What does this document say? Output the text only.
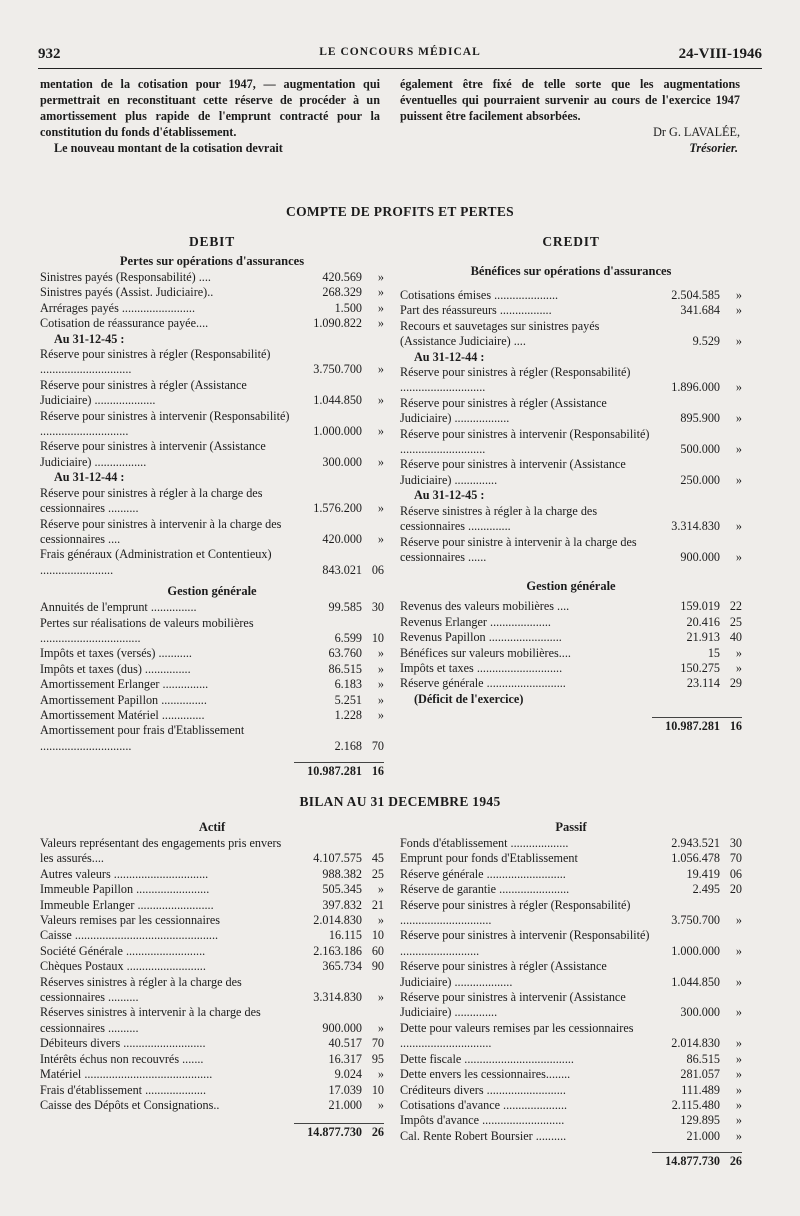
932	LE CONCOURS MÉDICAL	24-VIII-1946

mentation de la cotisation pour 1947, — augmentation qui permettrait en reconstituant cette réserve de procéder à un amortissement plus rapide de l'emprunt contracté pour la constitution du fonds d'établissement.

Le nouveau montant de la cotisation devrait

également être fixé de telle sorte que les augmentations éventuelles qui pourraient survenir au cours de l'exercice 1947 puissent être facilement absorbées.

Dr G. LAVALÉE,

Trésorier.

COMPTE DE PROFITS ET PERTES
DEBIT
Pertes sur opérations d'assurances
Sinistres payés (Responsabilité) ....	420.569	»
Sinistres payés (Assist. Judiciaire)..	268.329	»
Arrérages payés ........................	1.500	»
Cotisation de réassurance payée....	1.090.822	»
Au 31-12-45 :
Réserve pour sinistres à régler (Responsabilité) ..............................	3.750.700	»
Réserve pour sinistres à régler (Assistance Judiciaire) ....................	1.044.850	»
Réserve pour sinistres à intervenir (Responsabilité) .............................	1.000.000	»
Réserve pour sinistres à intervenir (Assistance Judiciaire) .................	300.000	»
Au 31-12-44 :
Réserve pour sinistres à régler à la charge des cessionnaires ..........	1.576.200	»
Réserve pour sinistres à intervenir à la charge des cessionnaires ....	420.000	»
Frais généraux (Administration et Contentieux) ........................	843.021 06
Gestion générale
Annuités de l'emprunt ...............	99.585 30
Pertes sur réalisations de valeurs mobilières .................................	6.599 10
Impôts et taxes (versés) ...........	63.760	»
Impôts et taxes (dus) ...............	86.515	»
Amortissement Erlanger ...............	6.183	»
Amortissement Papillon ...............	5.251	»
Amortissement Matériel ..............	1.228	»
Amortissement pour frais d'Etablissement ..............................	2.168 70
10.987.281 16
CREDIT
Bénéfices sur opérations d'assurances
Cotisations émises .....................	2.504.585	»
Part des réassureurs .................	341.684	»
Recours et sauvetages sur sinistres payés (Assistance Judiciaire) ....	9.529	»
Au 31-12-44 :
Réserve pour sinistres à régler (Responsabilité) ............................	1.896.000	»
Réserve pour sinistres à régler (Assistance Judiciaire) ..................	895.900	»
Réserve pour sinistres à intervenir (Responsabilité) ............................	500.000	»
Réserve pour sinistres à intervenir (Assistance Judiciaire) ..............	250.000	»
Au 31-12-45 :
Réserve sinistres à régler à la charge des cessionnaires ..............	3.314.830	»
Réserve pour sinistre à intervenir à la charge des cessionnaires ......	900.000	»
Gestion générale
Revenus des valeurs mobilières ....	159.019 22
Revenus Erlanger ....................	20.416 25
Revenus Papillon ........................	21.913 40
Bénéfices sur valeurs mobilières....	15	»
Impôts et taxes ............................	150.275	»
Réserve générale ..........................	23.114 29
(Déficit de l'exercice)
10.987.281 16
BILAN AU 31 DECEMBRE 1945
Actif
Valeurs représentant des engagements pris envers les assurés....	4.107.575 45
Autres valeurs ...............................	988.382 25
Immeuble Papillon ........................	505.345	»
Immeuble Erlanger .........................	397.832 21
Valeurs remises par les cessionnaires	2.014.830	»
Caisse ...............................................	16.115 10
Société Générale ..........................	2.163.186 60
Chèques Postaux ..........................	365.734 90
Réserves sinistres à régler à la charge des cessionnaires ..........	3.314.830	»
Réserves sinistres à intervenir à la charge des cessionnaires ..........	900.000	»
Débiteurs divers ...........................	40.517 70
Intérêts échus non recouvrés .......	16.317 95
Matériel ..........................................	9.024	»
Frais d'établissement ....................	17.039 10
Caisse des Dépôts et Consignations..	21.000	»
14.877.730 26
Passif
Fonds d'établissement ...................	2.943.521 30
Emprunt pour fonds d'Etablissement	1.056.478 70
Réserve générale ..........................	19.419 06
Réserve de garantie .......................	2.495 20
Réserve pour sinistres à régler (Responsabilité) ..............................	3.750.700	»
Réserve pour sinistres à intervenir (Responsabilité) ..........................	1.000.000	»
Réserve pour sinistres à régler (Assistance Judiciaire) ...................	1.044.850	»
Réserve pour sinistres à intervenir (Assistance Judiciaire) ..............	300.000	»
Dette pour valeurs remises par les cessionnaires ..............................	2.014.830	»
Dette fiscale ....................................	86.515	»
Dette envers les cessionnaires........	281.057	»
Créditeurs divers ..........................	111.489	»
Cotisations d'avance .....................	2.115.480	»
Impôts d'avance ...........................	129.895	»
Cal. Rente Robert Boursier ..........	21.000	»
14.877.730 26
